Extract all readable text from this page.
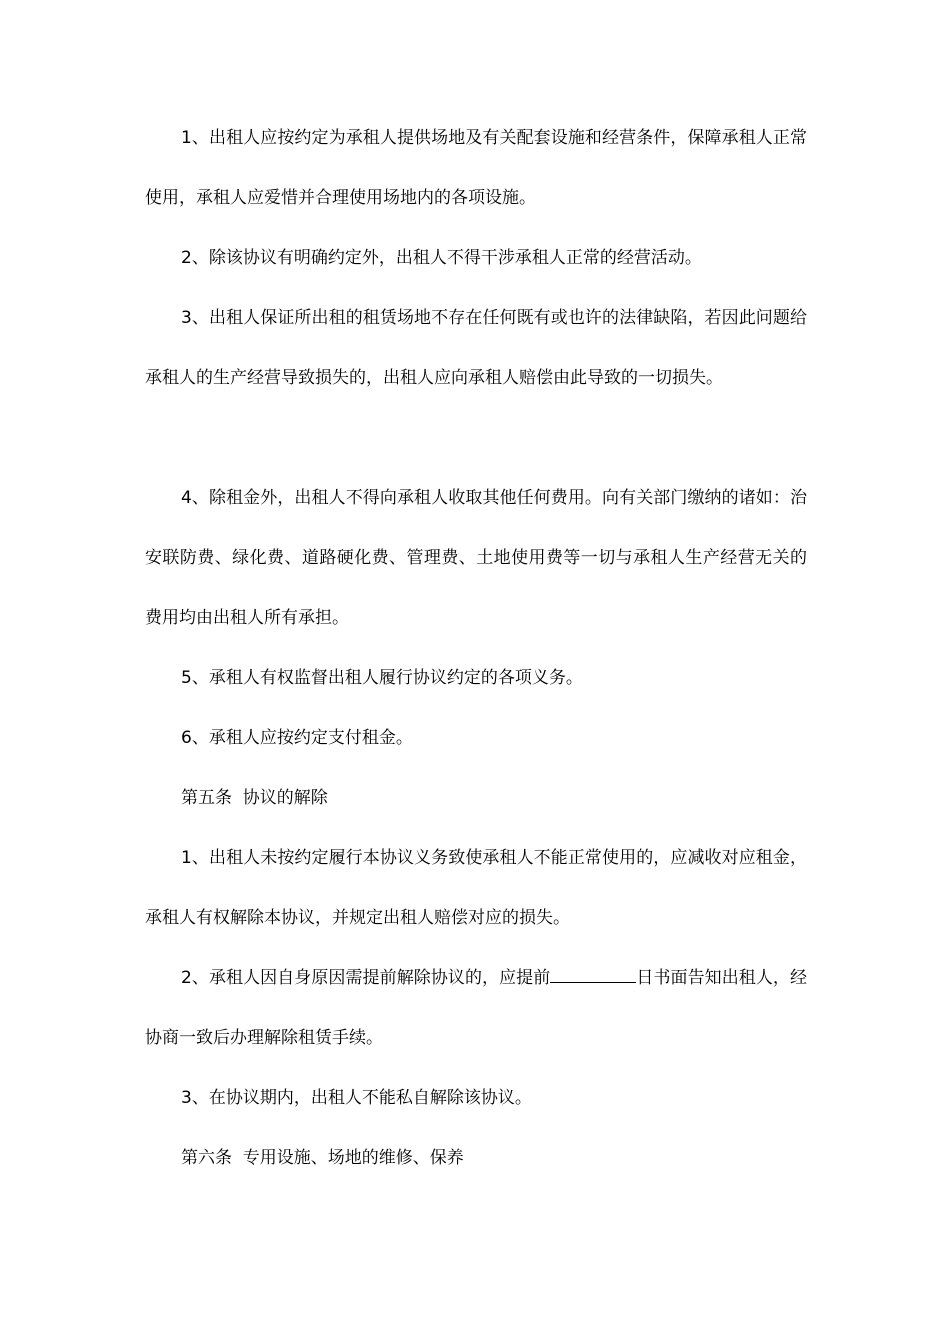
1、出租人应按约定为承租人提供场地及有关配套设施和经营条件，保障承租人正常使用，承租人应爱惜并合理使用场地内的各项设施。

2、除该协议有明确约定外，出租人不得干涉承租人正常的经营活动。

3、出租人保证所出租的租赁场地不存在任何既有或也许的法律缺陷，若因此问题给承租人的生产经营导致损失的，出租人应向承租人赔偿由此导致的一切损失。

4、除租金外，出租人不得向承租人收取其他任何费用。向有关部门缴纳的诸如：治安联防费、绿化费、道路硬化费、管理费、土地使用费等一切与承租人生产经营无关的费用均由出租人所有承担。

5、承租人有权监督出租人履行协议约定的各项义务。

6、承租人应按约定支付租金。

第五条  协议的解除

1、出租人未按约定履行本协议义务致使承租人不能正常使用的，应减收对应租金，承租人有权解除本协议，并规定出租人赔偿对应的损失。

2、承租人因自身原因需提前解除协议的，应提前	日书面告知出租人，经协商一致后办理解除租赁手续。

3、在协议期内，出租人不能私自解除该协议。

第六条  专用设施、场地的维修、保养
